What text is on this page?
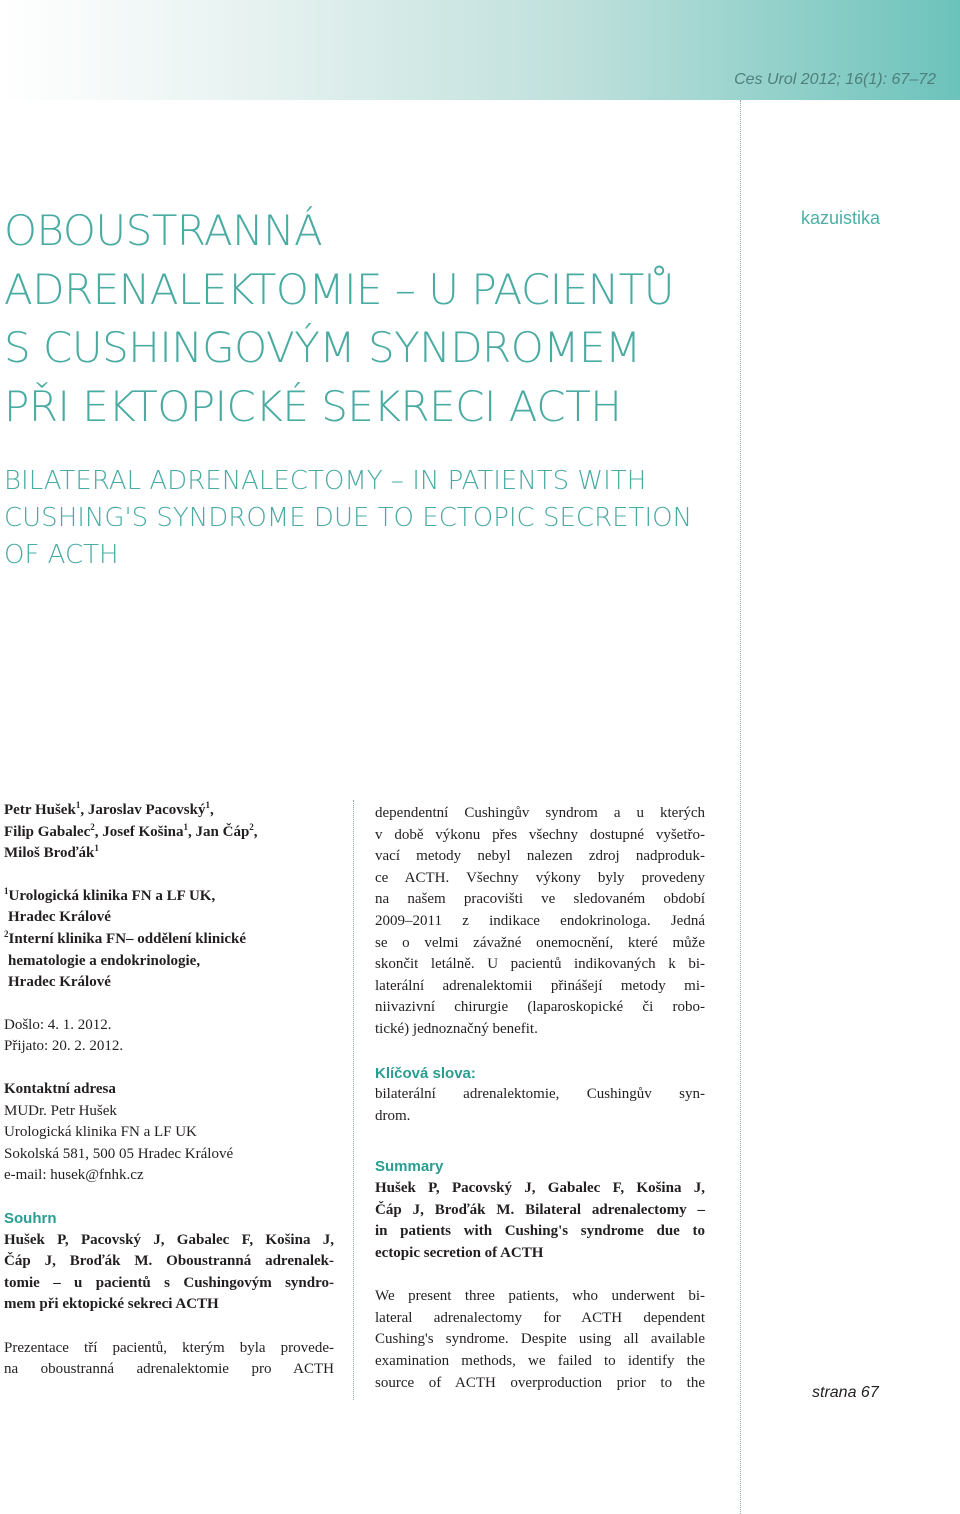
Ces Urol 2012; 16(1): 67–72
kazuistika
OBOUSTRANNÁ
ADRENALEKTOMIE – U PACIENTŮ
S CUSHINGOVÝM SYNDROMEM
PŘI EKTOPICKÉ SEKRECI ACTH
BILATERAL ADRENALECTOMY – IN PATIENTS WITH
CUSHING'S SYNDROME DUE TO ECTOPIC SECRETION
OF ACTH
Petr Hušek$^1$, Jaroslav Pacovský$^1$,
Filip Gabalec$^2$, Josef Košina$^1$, Jan Čáp$^2$,
Miloš Broďák$^1$
$^1$Urologická klinika FN a LF UK,
Hradec Králové
$^2$Interní klinika FN– oddělení klinické
hematologie a endokrinologie,
Hradec Králové
Došlo: 4. 1. 2012.
Přijato: 20. 2. 2012.
Kontaktní adresa
MUDr. Petr Hušek
Urologická klinika FN a LF UK
Sokolská 581, 500 05 Hradec Králové
e-mail: husek@fnhk.cz
Souhrn
Hušek P, Pacovský J, Gabalec F, Košina J,
Čáp J, Broďák M. Oboustranná adrenalek-
tomie – u pacientů s Cushingovým syndro-
mem při ektopické sekreci ACTH
Prezentace tří pacientů, kterým byla provede-
na oboustranná adrenalektomie pro ACTH
dependentní Cushingův syndrom a u kterých
v době výkonu přes všechny dostupné vyšetřo-
vací metody nebyl nalezen zdroj nadproduk-
ce ACTH. Všechny výkony byly provedeny
na našem pracovišti ve sledovaném období
2009–2011 z indikace endokrinologa. Jedná
se o velmi závažné onemocnění, které může
skončit letálně. U pacientů indikovaných k bi-
laterální adrenalektomii přinášejí metody mi-
niivazivní chirurgie (laparoskopické či robo-
tické) jednoznačný benefit.
Klíčová slova:
bilaterální adrenalektomie, Cushingův syn-
drom.
Summary
Hušek P, Pacovský J, Gabalec F, Košina J,
Čáp J, Broďák M. Bilateral adrenalectomy –
in patients with Cushing's syndrome due to
ectopic secretion of ACTH
We present three patients, who underwent bi-
lateral adrenalectomy for ACTH dependent
Cushing's syndrome. Despite using all available
examination methods, we failed to identify the
source of ACTH overproduction prior to the
strana 67
